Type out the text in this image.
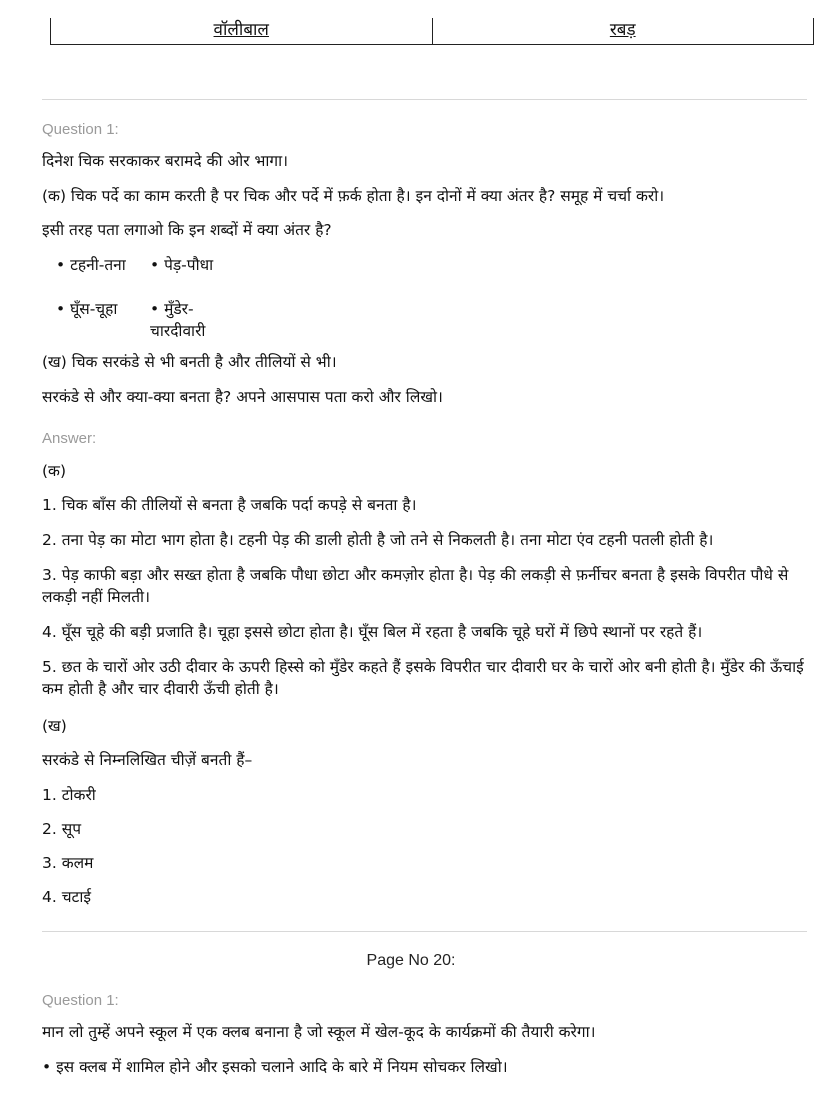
वॉलीबाल	रबड़
Question 1:
दिनेश चिक सरकाकर बरामदे की ओर भागा।
(क) चिक पर्दे का काम करती है पर चिक और पर्दे में फ़र्क होता है। इन दोनों में क्या अंतर है? समूह में चर्चा करो।
इसी तरह पता लगाओ कि इन शब्दों में क्या अंतर है?
• टहनी-तना	• पेड़-पौधा
• घूँस-चूहा	• मुँडेर-चारदीवारी
(ख) चिक सरकंडे से भी बनती है और तीलियों से भी।
सरकंडे से और क्या-क्या बनता है? अपने आसपास पता करो और लिखो।
Answer:
(क)
1. चिक बाँस की तीलियों से बनता है जबकि पर्दा कपड़े से बनता है।
2. तना पेड़ का मोटा भाग होता है। टहनी पेड़ की डाली होती है जो तने से निकलती है। तना मोटा एंव टहनी पतली होती है।
3. पेड़ काफी बड़ा और सख्त होता है जबकि पौधा छोटा और कमज़ोर होता है। पेड़ की लकड़ी से फ़र्नीचर बनता है इसके विपरीत पौधे से लकड़ी नहीं मिलती।
4. घूँस चूहे की बड़ी प्रजाति है। चूहा इससे छोटा होता है। घूँस बिल में रहता है जबकि चूहे घरों में छिपे स्थानों पर रहते हैं।
5. छत के चारों ओर उठी दीवार के ऊपरी हिस्से को मुँडेर कहते हैं इसके विपरीत चार दीवारी घर के चारों ओर बनी होती है। मुँडेर की ऊँचाई कम होती है और चार दीवारी ऊँची होती है।
(ख)
सरकंडे से निम्नलिखित चीज़ें बनती हैं–
1. टोकरी
2. सूप
3. कलम
4. चटाई
Page No 20:
Question 1:
मान लो तुम्हें अपने स्कूल में एक क्लब बनाना है जो स्कूल में खेल-कूद के कार्यक्रमों की तैयारी करेगा।
• इस क्लब में शामिल होने और इसको चलाने आदि के बारे में नियम सोचकर लिखो।
